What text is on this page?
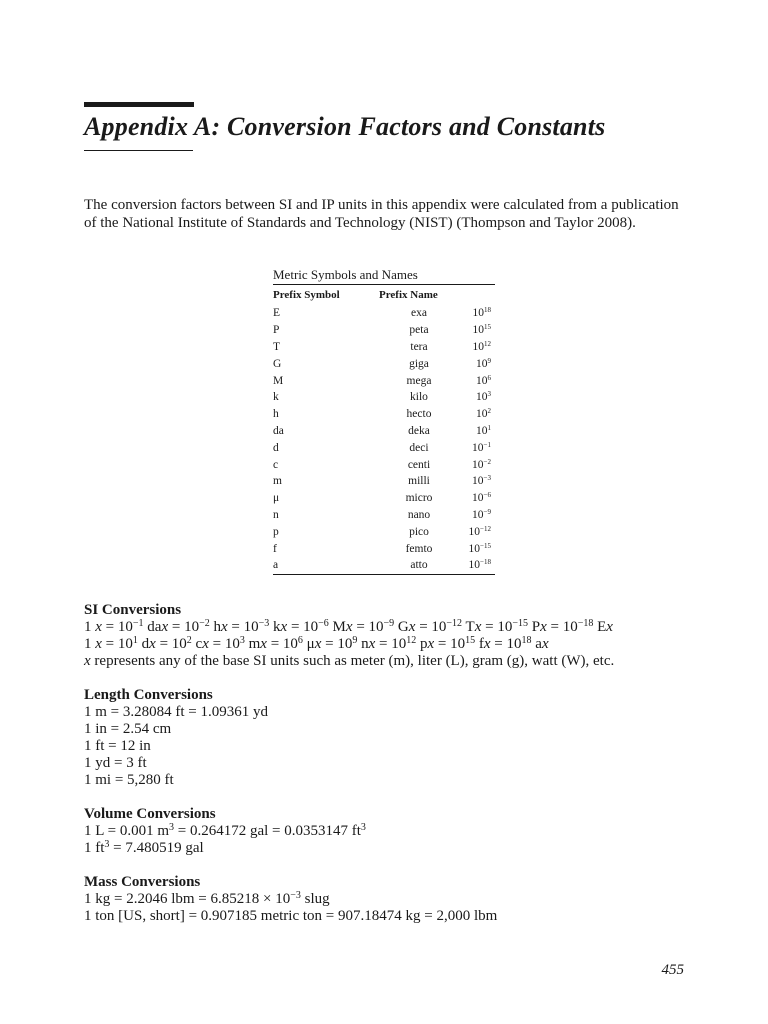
Appendix A: Conversion Factors and Constants

The conversion factors between SI and IP units in this appendix were calculated from a publication of the National Institute of Standards and Technology (NIST) (Thompson and Taylor 2008).

Metric Symbols and Names
Prefix Symbol	Prefix Name	
E	exa	$10^{18}$
P	peta	$10^{15}$
T	tera	$10^{12}$
G	giga	$10^9$
M	mega	$10^6$
k	kilo	$10^3$
h	hecto	$10^2$
da	deka	$10^1$
d	deci	$10^{-1}$
c	centi	$10^{-2}$
m	milli	$10^{-3}$
μ	micro	$10^{-6}$
n	nano	$10^{-9}$
p	pico	$10^{-12}$
f	femto	$10^{-15}$
a	atto	$10^{-18}$
SI Conversions
1 $x = 10^{-1}$ dax = $10^{-2}$ hx = $10^{-3}$ kx = $10^{-6}$ $Mx = 10^{-9}$ $Gx = 10^{-12}$ $Tx = 10^{-15}$ $Px = 10^{-18}$ Ex
1 $x = 10^1$ dx = $10^2$ cx = $10^3$ mx = $10^6$ $\mu x = 10^9$ nx = $10^{12}$ px = $10^{15}$ fx = $10^{18}$ ax
x represents any of the base SI units such as meter (m), liter (L), gram (g), watt (W), etc.
Length Conversions
1 m = 3.28084 ft = 1.09361 yd
1 in = 2.54 cm
1 ft = 12 in
1 yd = 3 ft
1 mi = 5,280 ft
Volume Conversions
1 L = 0.001 $m^3 = 0.264172$ gal = 0.0353147 $ft^3$
1 $ft^3 = 7.480519$ gal
Mass Conversions
1 kg = 2.2046 lbm = $6.85218 \times 10^{-3}$ slug
1 ton [US, short] = 0.907185 metric ton = 907.18474 kg = 2,000 lbm
455
